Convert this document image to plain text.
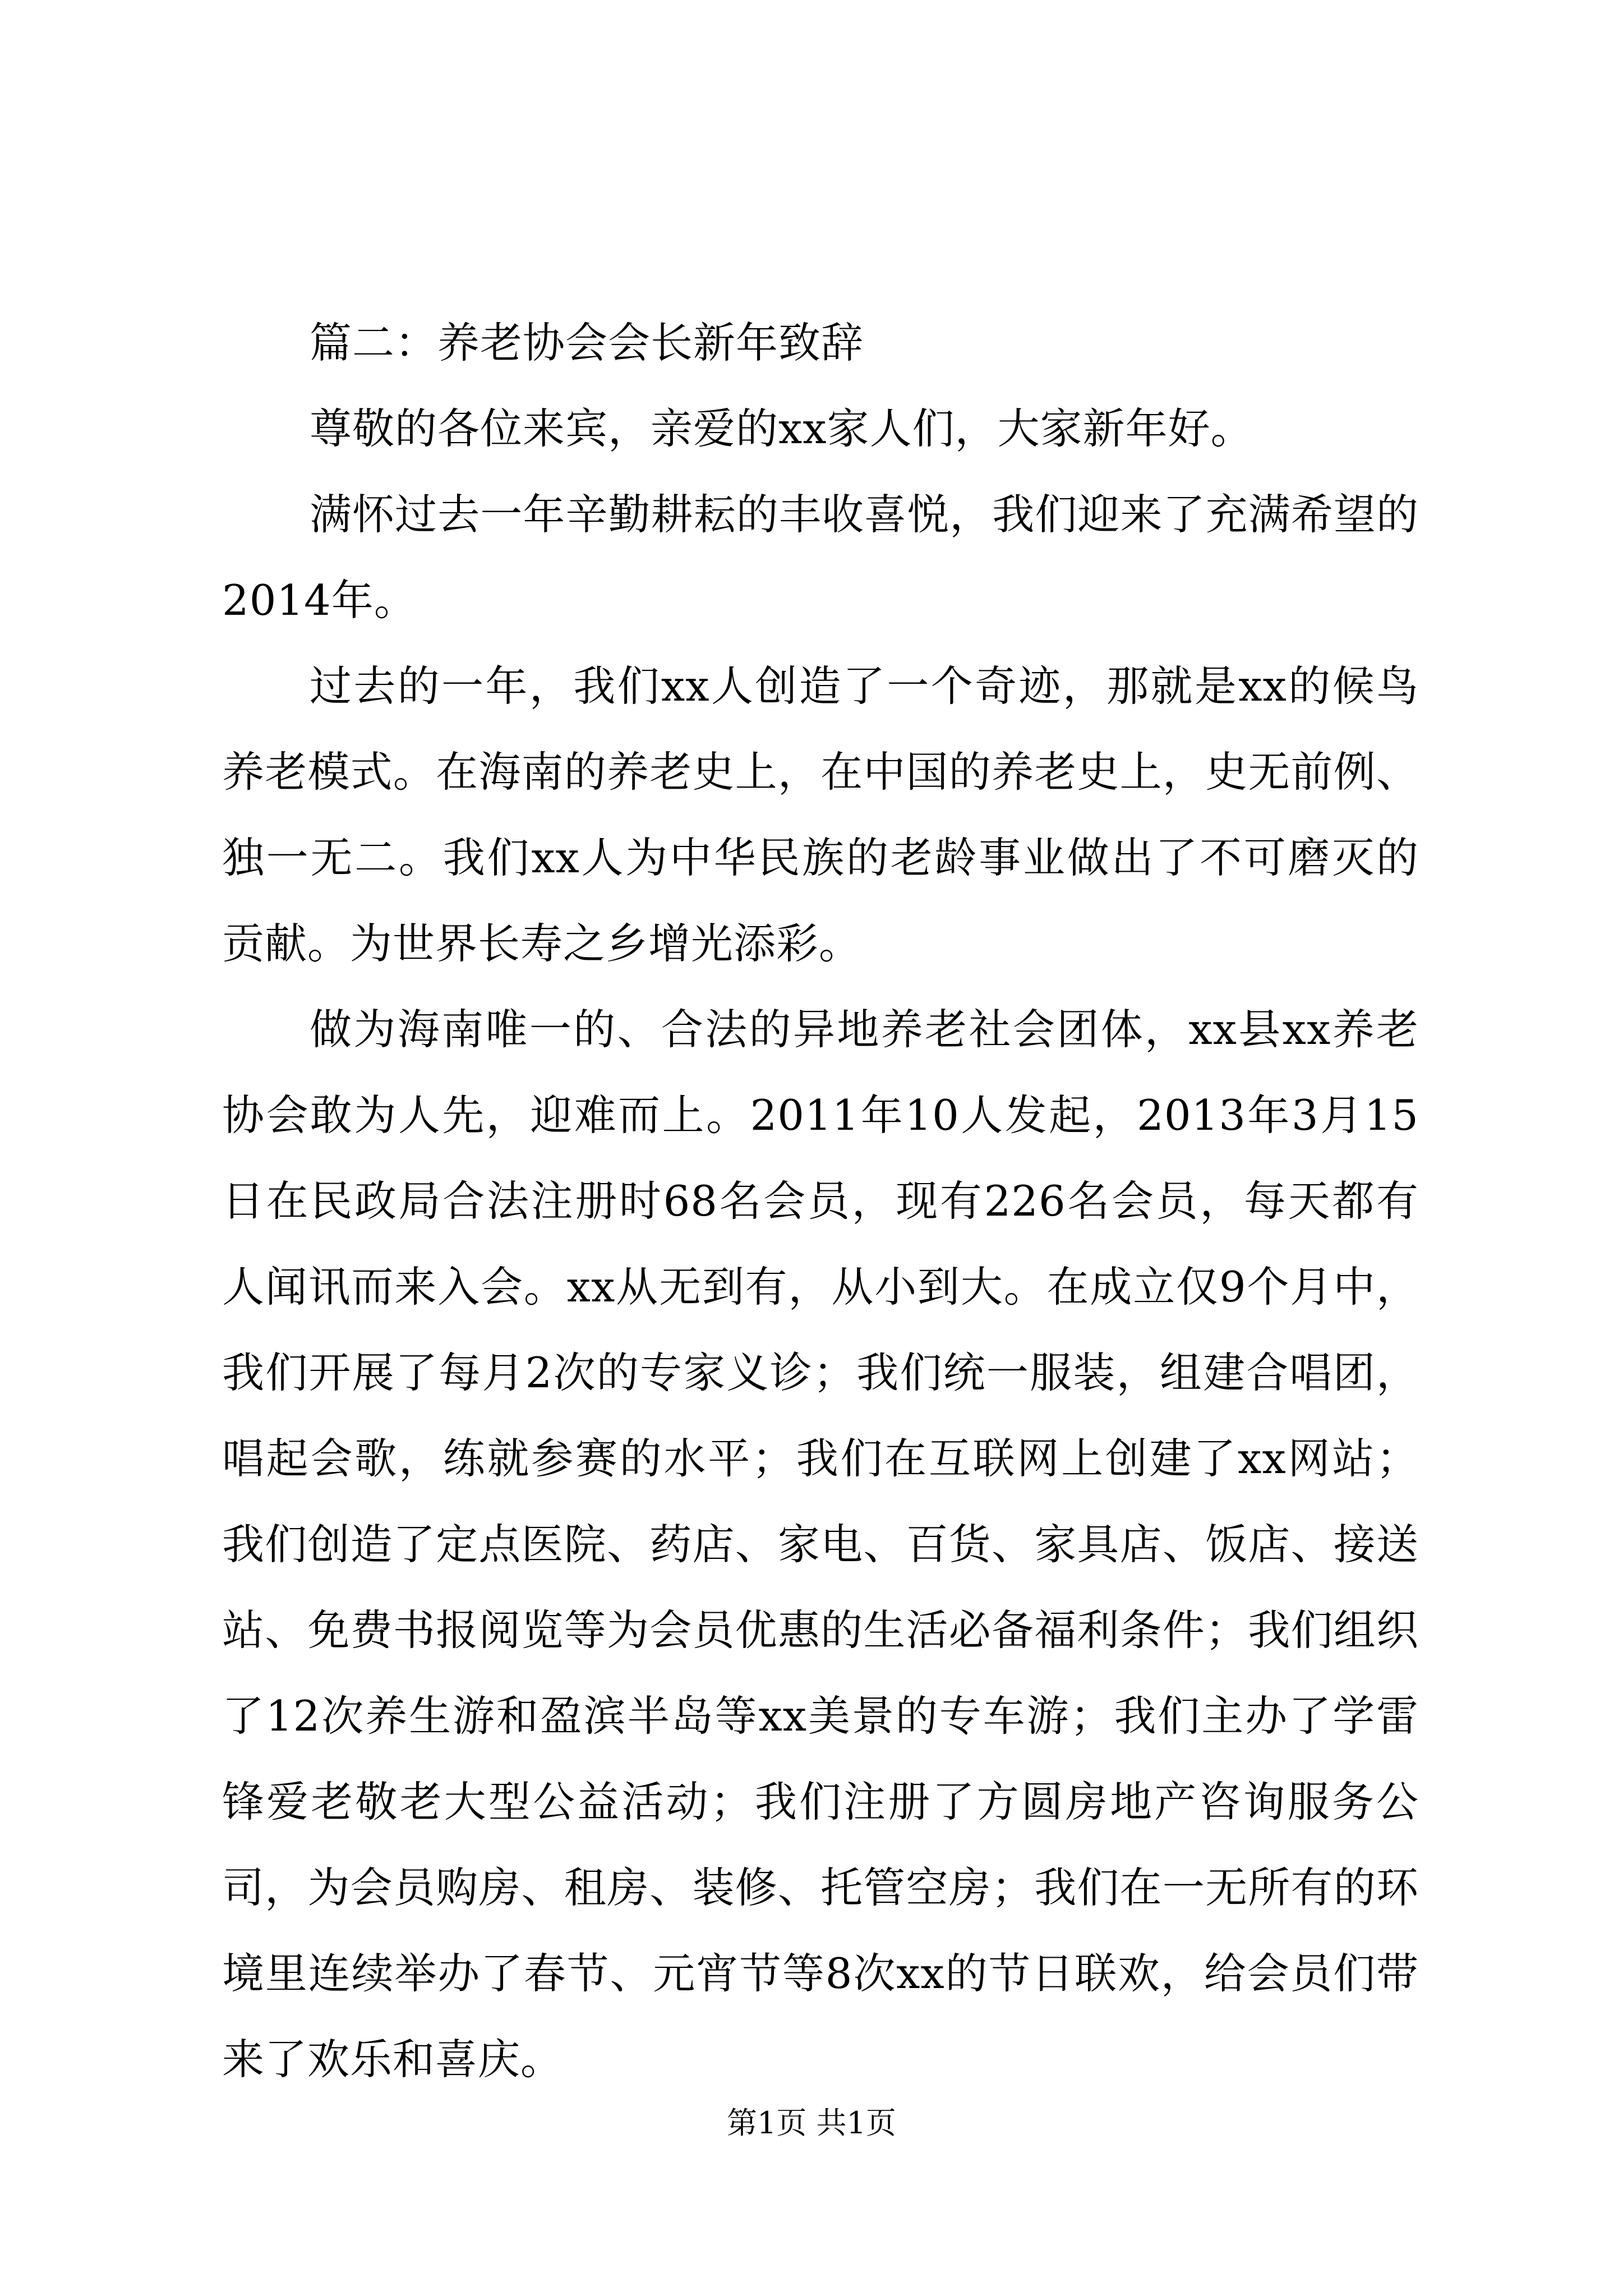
篇二：养老协会会长新年致辞

尊敬的各位来宾，亲爱的xx家人们，大家新年好。

满怀过去一年辛勤耕耘的丰收喜悦，我们迎来了充满希望的2014年。

过去的一年，我们xx人创造了一个奇迹，那就是xx的候鸟养老模式。在海南的养老史上，在中国的养老史上，史无前例、独一无二。我们xx人为中华民族的老龄事业做出了不可磨灭的贡献。为世界长寿之乡增光添彩。

做为海南唯一的、合法的异地养老社会团体，xx县xx养老协会敢为人先，迎难而上。2011年10人发起，2013年3月15日在民政局合法注册时68名会员，现有226名会员，每天都有人闻讯而来入会。xx从无到有，从小到大。在成立仅9个月中，我们开展了每月2次的专家义诊；我们统一服装，组建合唱团，唱起会歌，练就参赛的水平；我们在互联网上创建了xx网站；我们创造了定点医院、药店、家电、百货、家具店、饭店、接送站、免费书报阅览等为会员优惠的生活必备福利条件；我们组织了12次养生游和盈滨半岛等xx美景的专车游；我们主办了学雷锋爱老敬老大型公益活动；我们注册了方圆房地产咨询服务公司，为会员购房、租房、装修、托管空房；我们在一无所有的环境里连续举办了春节、元宵节等8次xx的节日联欢，给会员们带来了欢乐和喜庆。

第1页 共1页
